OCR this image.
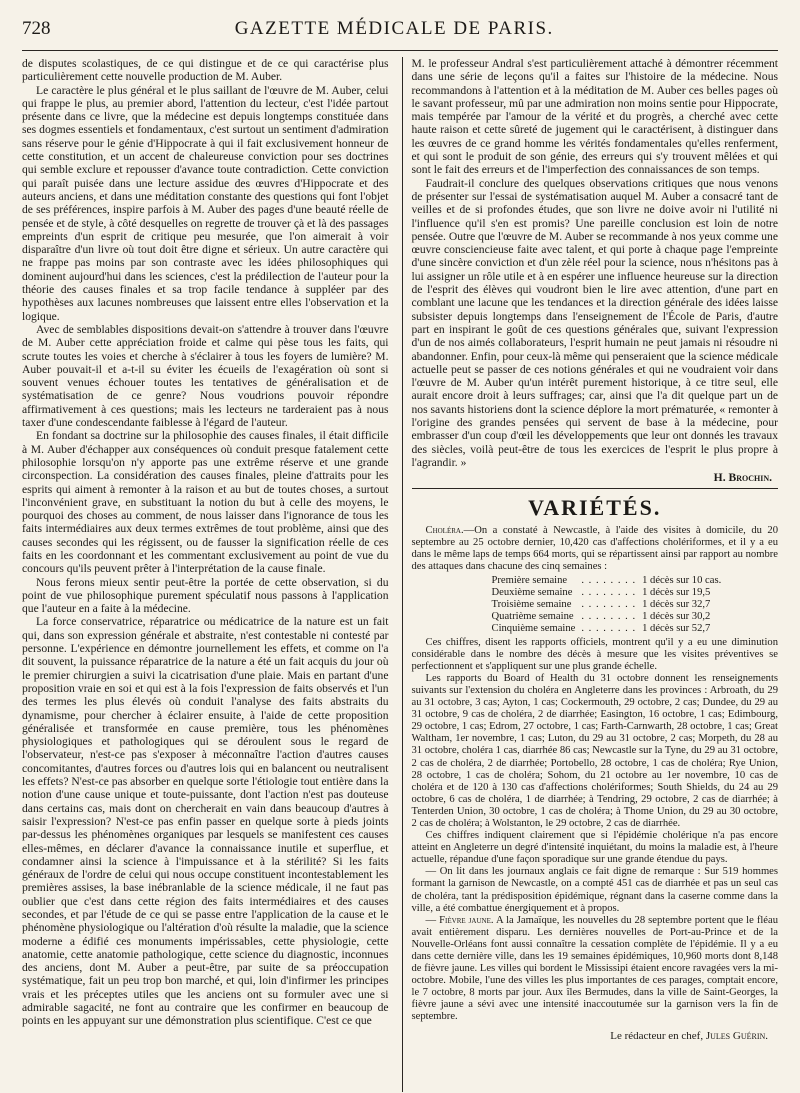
728	GAZETTE MÉDICALE DE PARIS.

de disputes scolastiques, de ce qui distingue et de ce qui caractérise plus particulièrement cette nouvelle production de M. Auber.

Le caractère le plus général et le plus saillant de l'œuvre de M. Auber, celui qui frappe le plus, au premier abord, l'attention du lecteur, c'est l'idée partout présente dans ce livre, que la médecine est depuis longtemps constituée dans ses dogmes essentiels et fondamentaux, c'est surtout un sentiment d'admiration sans réserve pour le génie d'Hippocrate à qui il fait exclusivement honneur de cette constitution, et un accent de chaleureuse conviction pour ses doctrines qui semble exclure et repousser d'avance toute contradiction. Cette conviction qui paraît puisée dans une lecture assidue des œuvres d'Hippocrate et des auteurs anciens, et dans une méditation constante des questions qui font l'objet de ses préférences, inspire parfois à M. Auber des pages d'une beauté réelle de pensée et de style, à côté desquelles on regrette de trouver çà et là des passages empreints d'un esprit de critique peu mesurée, que l'on aimerait à voir disparaître d'un livre où tout doit être digne et sérieux. Un autre caractère qui ne frappe pas moins par son contraste avec les idées philosophiques qui dominent aujourd'hui dans les sciences, c'est la prédilection de l'auteur pour la théorie des causes finales et sa trop facile tendance à suppléer par des hypothèses aux lacunes nombreuses que laissent entre elles l'observation et la logique.

Avec de semblables dispositions devait-on s'attendre à trouver dans l'œuvre de M. Auber cette appréciation froide et calme qui pèse tous les faits, qui scrute toutes les voies et cherche à s'éclairer à tous les foyers de lumière? M. Auber pouvait-il et a-t-il su éviter les écueils de l'exagération où sont si souvent venues échouer toutes les tentatives de généralisation et de systématisation de ce genre? Nous voudrions pouvoir répondre affirmativement à ces questions; mais les lecteurs ne tarderaient pas à nous taxer d'une condescendante faiblesse à l'égard de l'auteur.

En fondant sa doctrine sur la philosophie des causes finales, il était difficile à M. Auber d'échapper aux conséquences où conduit presque fatalement cette philosophie lorsqu'on n'y apporte pas une extrême réserve et une grande circonspection. La considération des causes finales, pleine d'attraits pour les esprits qui aiment à remonter à la raison et au but de toutes choses, a surtout l'inconvénient grave, en substituant la notion du but à celle des moyens, le pourquoi des choses au comment, de nous laisser dans l'ignorance de tous les faits intermédiaires aux deux termes extrêmes de tout problème, ainsi que des causes secondes qui les régissent, ou de fausser la signification réelle de ces faits en les coordonnant et les commentant exclusivement au point de vue du concours qu'ils peuvent prêter à l'interprétation de la cause finale.

Nous ferons mieux sentir peut-être la portée de cette observation, si du point de vue philosophique purement spéculatif nous passons à l'application que l'auteur en a faite à la médecine.

La force conservatrice, réparatrice ou médicatrice de la nature est un fait qui, dans son expression générale et abstraite, n'est contestable ni contesté par personne. L'expérience en démontre journellement les effets, et comme on l'a dit souvent, la puissance réparatrice de la nature a été un fait acquis du jour où le premier chirurgien a suivi la cicatrisation d'une plaie. Mais en partant d'une proposition vraie en soi et qui est à la fois l'expression de faits observés et l'un des termes les plus élevés où conduit l'analyse des faits abstraits du dynamisme, pour chercher à éclairer ensuite, à l'aide de cette proposition généralisée et transformée en cause première, tous les phénomènes physiologiques et pathologiques qui se déroulent sous le regard de l'observateur, n'est-ce pas s'exposer à méconnaître l'action d'autres causes concomitantes, d'autres forces ou d'autres lois qui en balancent ou neutralisent les effets? N'est-ce pas absorber en quelque sorte l'étiologie tout entière dans la notion d'une cause unique et toute-puissante, dont l'action n'est pas douteuse dans certains cas, mais dont on chercherait en vain dans beaucoup d'autres à saisir l'expression? N'est-ce pas enfin passer en quelque sorte à pieds joints par-dessus les phénomènes organiques par lesquels se manifestent ces causes elles-mêmes, en déclarer d'avance la connaissance inutile et superflue, et condamner ainsi la science à l'impuissance et à la stérilité? Si les faits généraux de l'ordre de celui qui nous occupe constituent incontestablement les premières assises, la base inébranlable de la science médicale, il ne faut pas oublier que c'est dans cette région des faits intermédiaires et des causes secondes, et par l'étude de ce qui se passe entre l'application de la cause et le phénomène physiologique ou l'altération d'où résulte la maladie, que la science moderne a édifié ces monuments impérissables, cette physiologie, cette anatomie, cette anatomie pathologique, cette science du diagnostic, inconnues des anciens, dont M. Auber a peut-être, par suite de sa préoccupation systématique, fait un peu trop bon marché, et qui, loin d'infirmer les principes vrais et les préceptes utiles que les anciens ont su formuler avec une si admirable sagacité, ne font au contraire que les confirmer en beaucoup de points en les appuyant sur une démonstration plus scientifique. C'est ce que

M. le professeur Andral s'est particulièrement attaché à démontrer récemment dans une série de leçons qu'il a faites sur l'histoire de la médecine. Nous recommandons à l'attention et à la méditation de M. Auber ces belles pages où le savant professeur, mû par une admiration non moins sentie pour Hippocrate, mais tempérée par l'amour de la vérité et du progrès, a cherché avec cette haute raison et cette sûreté de jugement qui le caractérisent, à distinguer dans les œuvres de ce grand homme les vérités fondamentales qu'elles renferment, et qui sont le produit de son génie, des erreurs qui s'y trouvent mêlées et qui sont le fait des erreurs et de l'imperfection des connaissances de son temps.

Faudrait-il conclure des quelques observations critiques que nous venons de présenter sur l'essai de systématisation auquel M. Auber a consacré tant de veilles et de si profondes études, que son livre ne doive avoir ni l'utilité ni l'influence qu'il s'en est promis? Une pareille conclusion est loin de notre pensée. Outre que l'œuvre de M. Auber se recommande à nos yeux comme une œuvre consciencieuse faite avec talent, et qui porte à chaque page l'empreinte d'une sincère conviction et d'un zèle réel pour la science, nous n'hésitons pas à lui assigner un rôle utile et à en espérer une influence heureuse sur la direction de l'esprit des élèves qui voudront bien le lire avec attention, d'une part en comblant une lacune que les tendances et la direction générale des idées laisse subsister depuis longtemps dans l'enseignement de l'École de Paris, d'autre part en inspirant le goût de ces questions générales que, suivant l'expression d'un de nos aimés collaborateurs, l'esprit humain ne peut jamais ni résoudre ni abandonner. Enfin, pour ceux-là même qui penseraient que la science médicale actuelle peut se passer de ces notions générales et qui ne voudraient voir dans l'œuvre de M. Auber qu'un intérêt purement historique, à ce titre seul, elle aurait encore droit à leurs suffrages; car, ainsi que l'a dit quelque part un de nos savants historiens dont la science déplore la mort prématurée, « remonter à l'origine des grandes pensées qui servent de base à la médecine, pour embrasser d'un coup d'œil les développements que leur ont donnés les travaux des siècles, voilà peut-être de tous les exercices de l'esprit le plus propre à l'agrandir. »

H. Brochin.
VARIÉTÉS.

Choléra.—On a constaté à Newcastle, à l'aide des visites à domicile, du 20 septembre au 25 octobre dernier, 10,420 cas d'affections cholériformes, et il y a eu dans le même laps de temps 664 morts, qui se répartissent ainsi par rapport au nombre des attaques dans chacune des cinq semaines :

Première semaine	. . . . . . . .	1 décès sur 10 cas.
Deuxième semaine	. . . . . . . .	1 décès sur 19,5
Troisième semaine	. . . . . . . .	1 décès sur 32,7
Quatrième semaine	. . . . . . . .	1 décès sur 30,2
Cinquième semaine	. . . . . . . .	1 décès sur 52,7

Ces chiffres, disent les rapports officiels, montrent qu'il y a eu une diminution considérable dans le nombre des décès à mesure que les visites préventives se perfectionnent et s'appliquent sur une plus grande échelle.

Les rapports du Board of Health du 31 octobre donnent les renseignements suivants sur l'extension du choléra en Angleterre dans les provinces : Arbroath, du 29 au 31 octobre, 3 cas; Ayton, 1 cas; Cockermouth, 29 octobre, 2 cas; Dundee, du 29 au 31 octobre, 9 cas de choléra, 2 de diarrhée; Easington, 16 octobre, 1 cas; Edimbourg, 29 octobre, 1 cas; Edrom, 27 octobre, 1 cas; Farth-Carnwarth, 28 octobre, 1 cas; Great Waltham, 1er novembre, 1 cas; Luton, du 29 au 31 octobre, 2 cas; Morpeth, du 28 au 31 octobre, choléra 1 cas, diarrhée 86 cas; Newcastle sur la Tyne, du 29 au 31 octobre, 2 cas de choléra, 2 de diarrhée; Portobello, 28 octobre, 1 cas de choléra; Rye Union, 28 octobre, 1 cas de choléra; Sohom, du 21 octobre au 1er novembre, 10 cas de choléra et de 120 à 130 cas d'affections cholériformes; South Shields, du 24 au 29 octobre, 6 cas de choléra, 1 de diarrhée; à Tendring, 29 octobre, 2 cas de diarrhée; à Tenterden Union, 30 octobre, 1 cas de choléra; à Thome Union, du 29 au 30 octobre, 2 cas de choléra; à Wolstanton, le 29 octobre, 2 cas de diarrhée.

Ces chiffres indiquent clairement que si l'épidémie cholérique n'a pas encore atteint en Angleterre un degré d'intensité inquiétant, du moins la maladie est, à l'heure actuelle, répandue d'une façon sporadique sur une grande étendue du pays.

— On lit dans les journaux anglais ce fait digne de remarque : Sur 519 hommes formant la garnison de Newcastle, on a compté 451 cas de diarrhée et pas un seul cas de choléra, tant la prédisposition épidémique, régnant dans la caserne comme dans la ville, a été combattue énergiquement et à propos.

— Fièvre jaune. A la Jamaïque, les nouvelles du 28 septembre portent que le fléau avait entièrement disparu. Les dernières nouvelles de Port-au-Prince et de la Nouvelle-Orléans font aussi connaître la cessation complète de l'épidémie. Il y a eu dans cette dernière ville, dans les 19 semaines épidémiques, 10,960 morts dont 8,148 de fièvre jaune. Les villes qui bordent le Mississipi étaient encore ravagées vers la mi-octobre. Mobile, l'une des villes les plus importantes de ces parages, comptait encore, le 7 octobre, 8 morts par jour. Aux îles Bermudes, dans la ville de Saint-Georges, la fièvre jaune a sévi avec une intensité inaccoutumée sur la garnison vers la fin de septembre.

Le rédacteur en chef, Jules Guérin.
